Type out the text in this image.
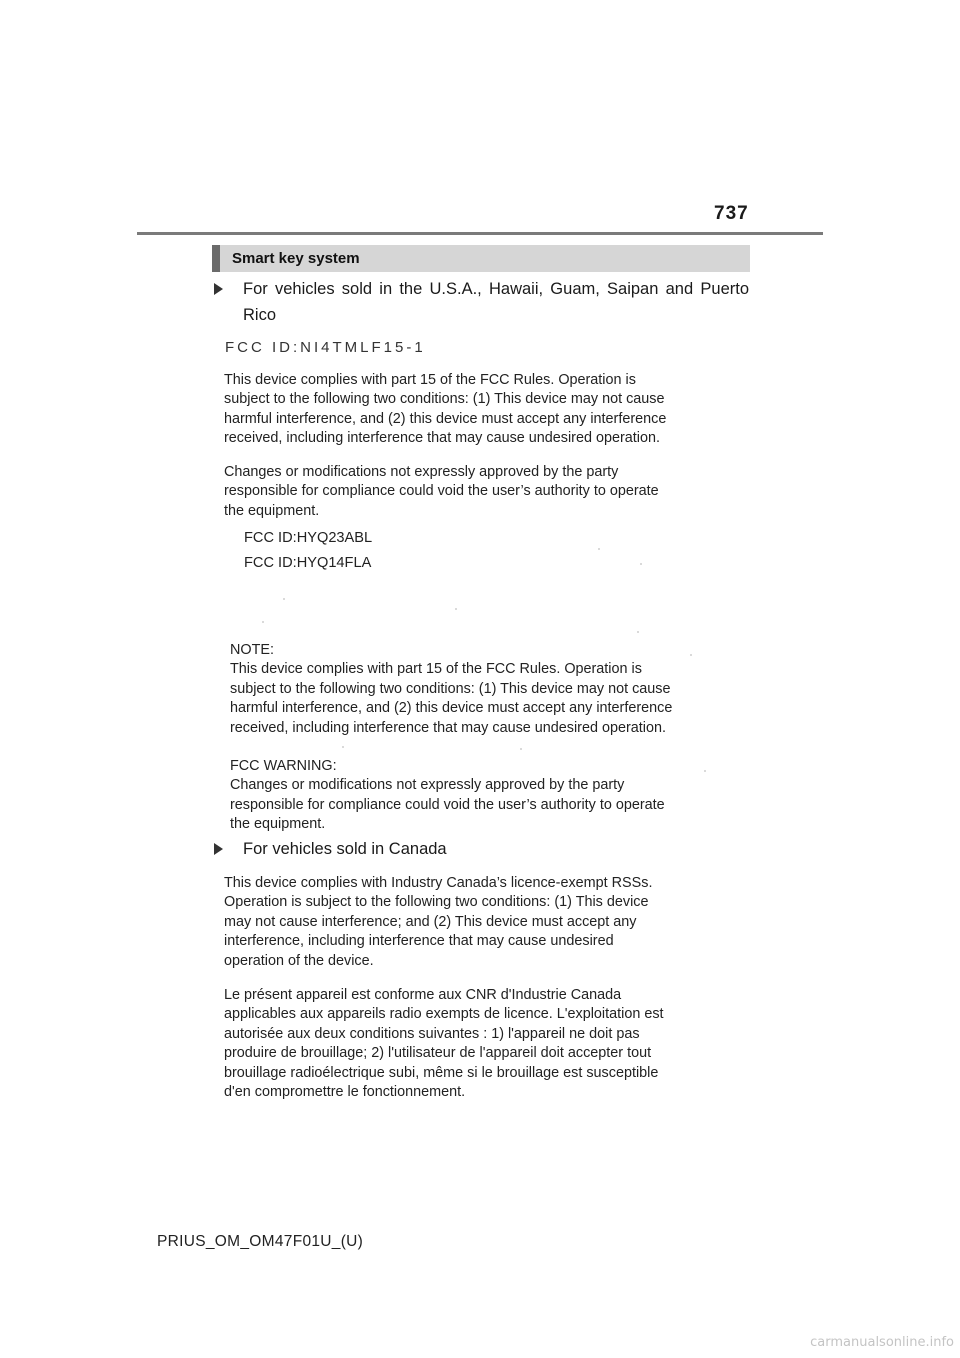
737
Smart key system
For vehicles sold in the U.S.A., Hawaii, Guam, Saipan and Puerto Rico
FCC ID:NI4TMLF15-1
This device complies with part 15 of the FCC Rules. Operation is
subject to the following two conditions: (1) This device may not cause
harmful interference, and (2) this device must accept any interference
received, including interference that may cause undesired operation.
Changes or modifications not expressly approved by the party
responsible for compliance could void the user’s authority to operate
the equipment.
FCC ID:HYQ23ABL
FCC ID:HYQ14FLA
NOTE:
This device complies with part 15 of the FCC Rules. Operation is
subject to the following two conditions: (1) This device may not cause
harmful interference, and (2) this device must accept any interference
received, including interference that may cause undesired operation.
FCC WARNING:
Changes or modifications not expressly approved by the party
responsible for compliance could void the user’s authority to operate
the equipment.
For vehicles sold in Canada
This device complies with Industry Canada’s licence-exempt RSSs.
Operation is subject to the following two conditions: (1) This device
may not cause interference; and (2) This device must accept any
interference, including interference that may cause undesired
operation of the device.
Le présent appareil est conforme aux CNR d'Industrie Canada
applicables aux appareils radio exempts de licence. L'exploitation est
autorisée aux deux conditions suivantes : 1) l'appareil ne doit pas
produire de brouillage; 2) l'utilisateur de l'appareil doit accepter tout
brouillage radioélectrique subi, même si le brouillage est susceptible
d'en compromettre le fonctionnement.
PRIUS_OM_OM47F01U_(U)
carmanualsonline.info
